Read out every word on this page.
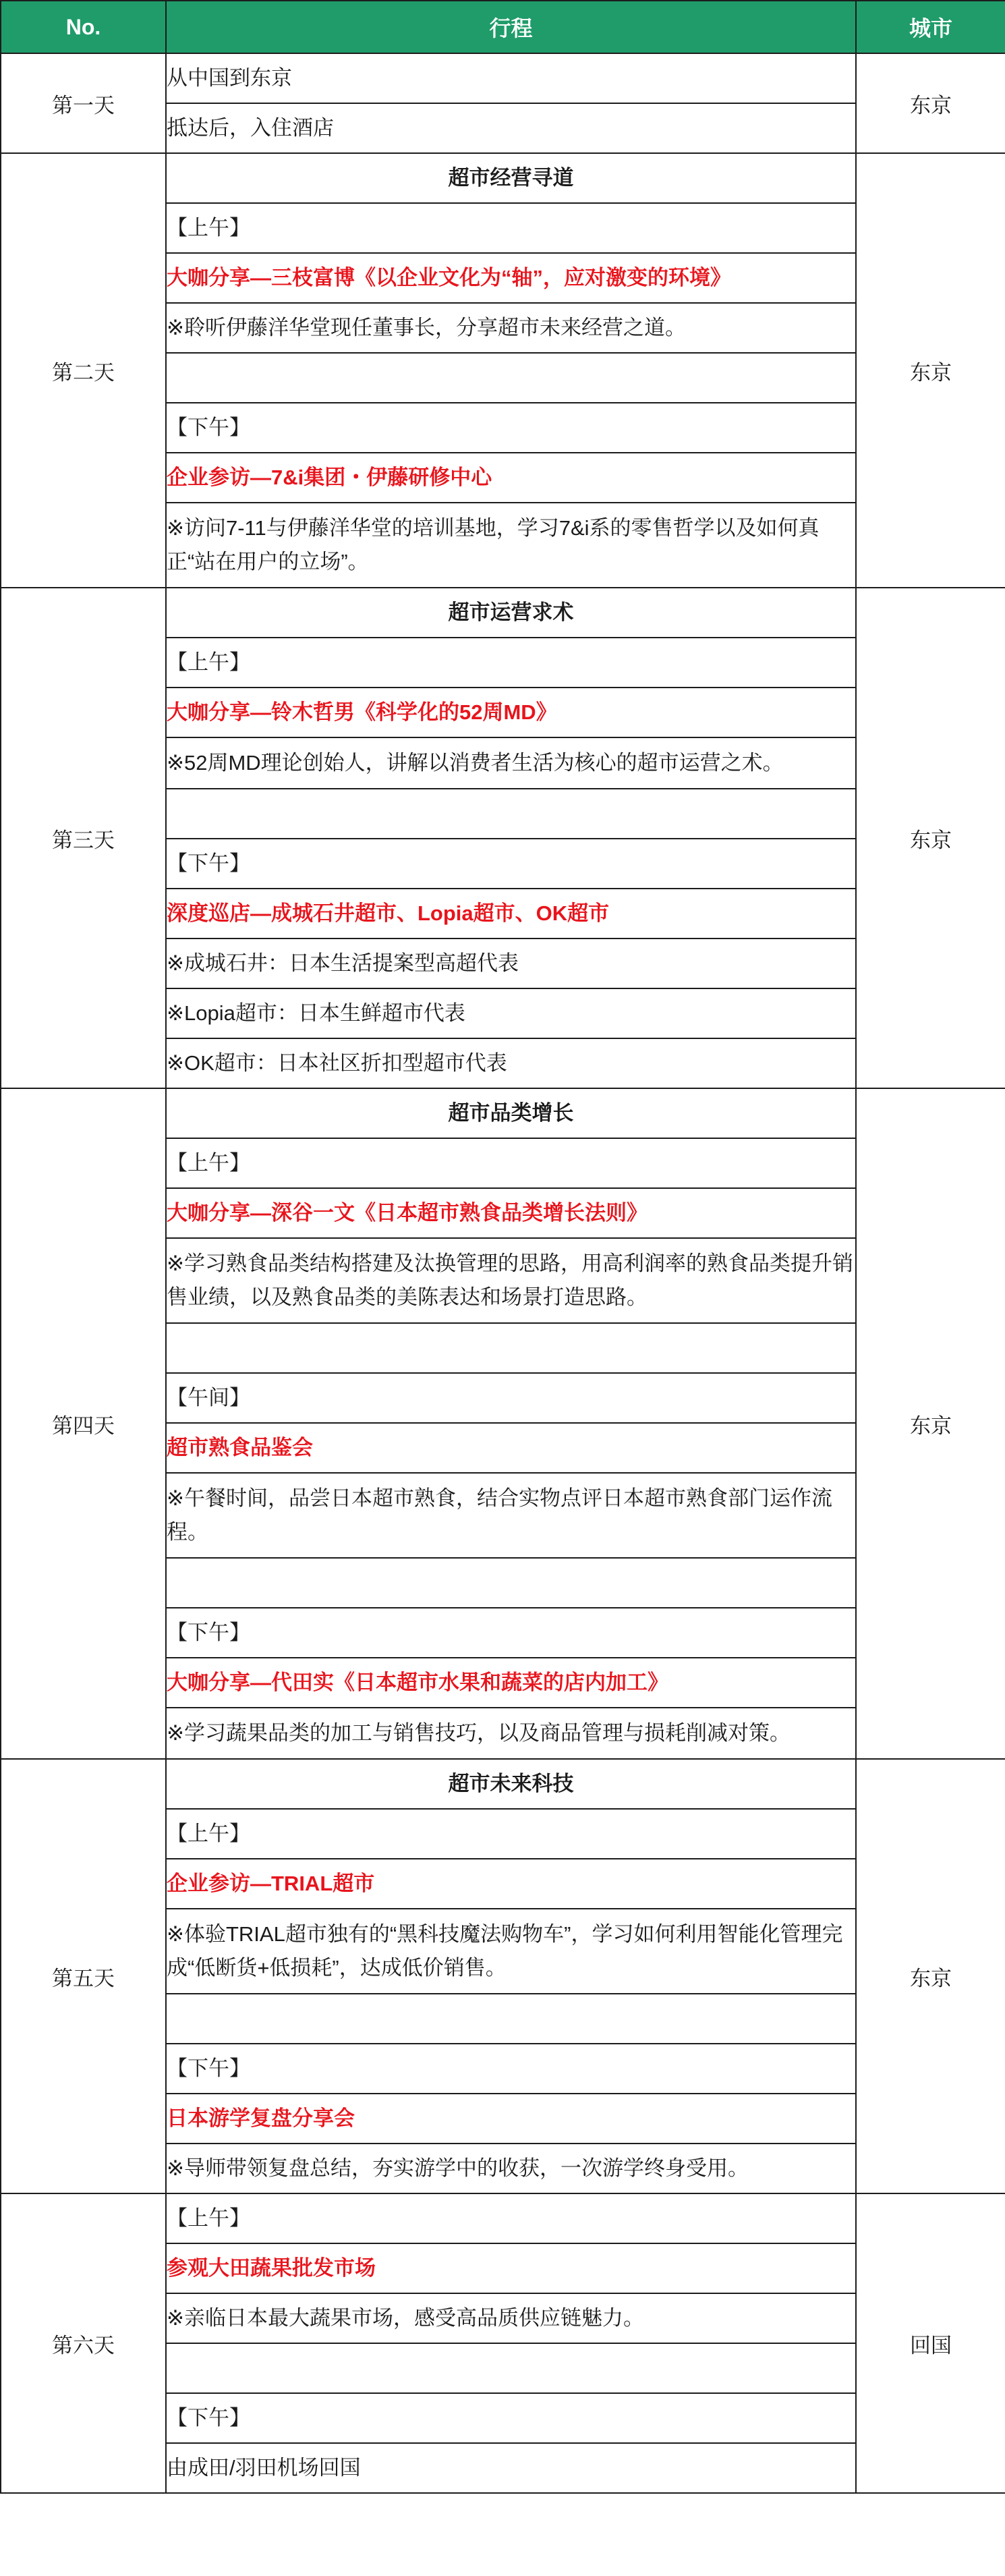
No.	行程	城市
第一天	从中国到东京	东京
	抵达后，入住酒店	
第二天	超市经营寻道	东京
	【上午】	
	大咖分享—三枝富博《以企业文化为“轴”，应对激变的环境》	
	※聆听伊藤洋华堂现任董事长，分享超市未来经营之道。	

	【下午】	
	企业参访—7&i集团・伊藤研修中心	
	※访问7-11与伊藤洋华堂的培训基地，学习7&i系的零售哲学以及如何真正“站在用户的立场”。	
第三天	超市运营求术	东京
	【上午】	
	大咖分享—铃木哲男《科学化的52周MD》	
	※52周MD理论创始人，讲解以消费者生活为核心的超市运营之术。	

	【下午】	
	深度巡店—成城石井超市、Lopia超市、OK超市	
	※成城石井：日本生活提案型高超代表	
	※Lopia超市：日本生鲜超市代表	
	※OK超市：日本社区折扣型超市代表	
第四天	超市品类增长	东京
	【上午】	
	大咖分享—深谷一文《日本超市熟食品类增长法则》	
	※学习熟食品类结构搭建及汰换管理的思路，用高利润率的熟食品类提升销售业绩，以及熟食品类的美陈表达和场景打造思路。	

	【午间】	
	超市熟食品鉴会	
	※午餐时间，品尝日本超市熟食，结合实物点评日本超市熟食部门运作流程。	

	【下午】	
	大咖分享—代田实《日本超市水果和蔬菜的店内加工》	
	※学习蔬果品类的加工与销售技巧，以及商品管理与损耗削减对策。	
第五天	超市未来科技	东京
	【上午】	
	企业参访—TRIAL超市	
	※体验TRIAL超市独有的“黑科技魔法购物车”，学习如何利用智能化管理完成“低断货+低损耗”，达成低价销售。	

	【下午】	
	日本游学复盘分享会	
	※导师带领复盘总结，夯实游学中的收获，一次游学终身受用。	
第六天	【上午】	回国
	参观大田蔬果批发市场	
	※亲临日本最大蔬果市场，感受高品质供应链魅力。	

	【下午】	
	由成田/羽田机场回国	
